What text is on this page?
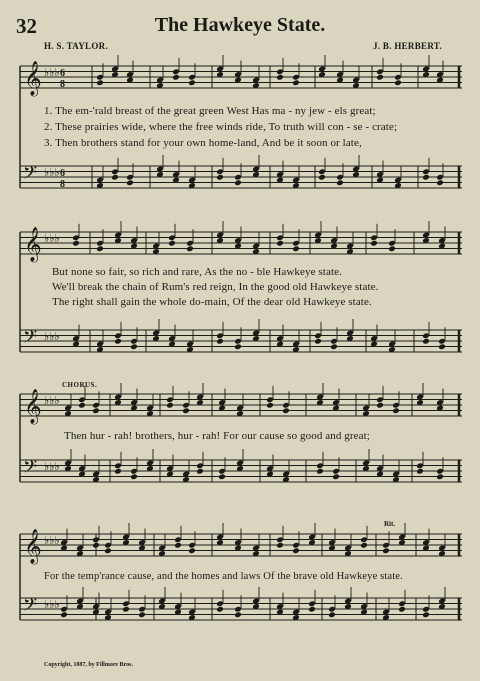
32	The Hawkeye State.
H. S. TAYLOR.	J. B. HERBERT.
𝄞 ♭♭♭
𝄢 ♭♭♭
6
8
6
8
𝄞 ♭♭♭
𝄢 ♭♭♭
𝄞 ♭♭♭
𝄢 ♭♭♭
𝄞 ♭♭♭
𝄢 ♭♭♭
1. The em-'rald breast of the great green West Has ma - ny jew - els great;
2. These prairies wide, where the free winds ride, To truth will con - se - crate;
3. Then brothers stand for your own home-land, And be it soon or late,
But none so fair, so rich and rare, As the no - ble Hawkeye state.
We'll break the chain of Rum's red reign, In the good old Hawkeye state.
The right shall gain the whole do-main, Of the dear old Hawkeye state.
CHORUS.
Then hur - rah! brothers, hur - rah! For our cause so good and great;
Rit.
For the temp'rance cause, and the homes and laws Of the brave old Hawkeye state.
Copyright, 1887, by Fillmore Bros.
